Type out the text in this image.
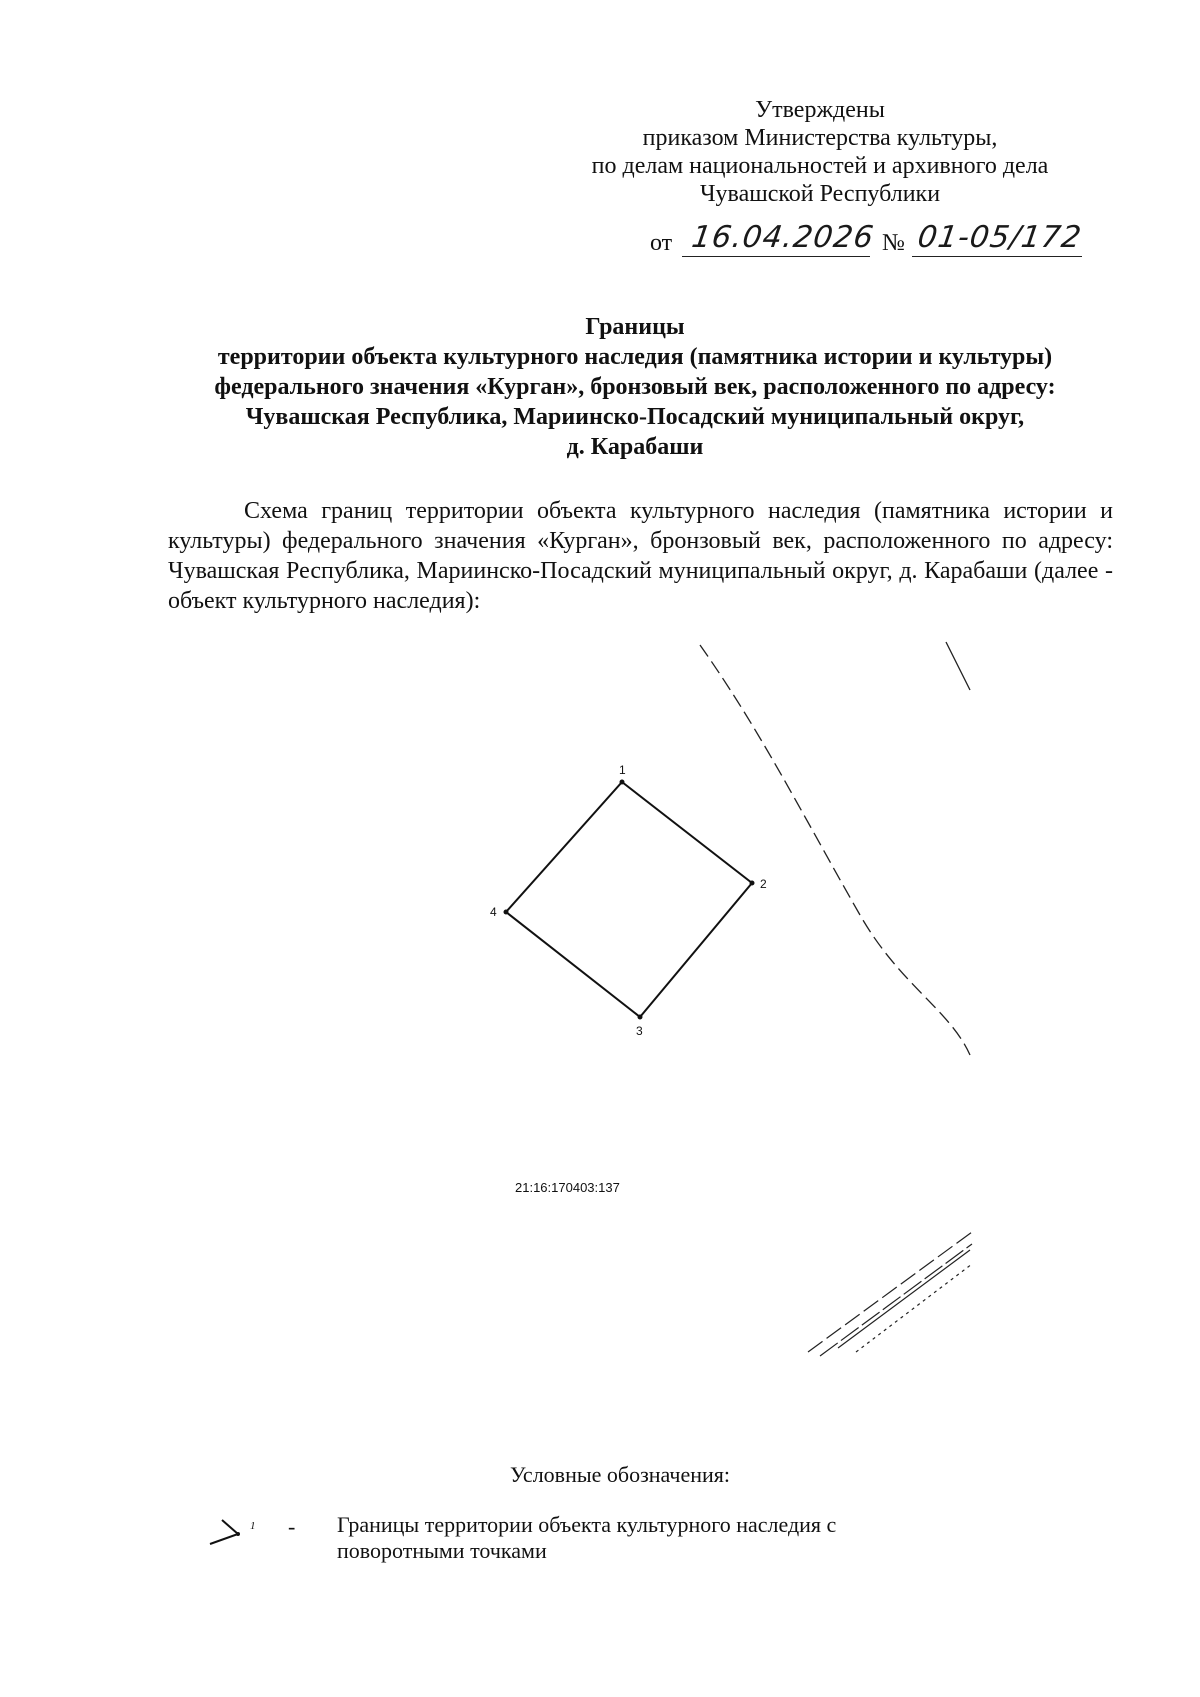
Утверждены
приказом Министерства культуры,
по делам национальностей и архивного дела
Чувашской Республики
от 16.04.2026 № 01-05/172
Границы
территории объекта культурного наследия (памятника истории и культуры)
федерального значения «Курган», бронзовый век, расположенного по адресу:
Чувашская Республика, Мариинско-Посадский муниципальный округ,
д. Карабаши
Схема границ территории объекта культурного наследия (памятника истории и культуры) федерального значения «Курган», бронзовый век, расположенного по адресу: Чувашская Республика, Мариинско-Посадский муниципальный округ, д. Карабаши (далее - объект культурного наследия):
1
2
3
4
21:16:170403:137
Условные обозначения:
1 - Границы территории объекта культурного наследия с поворотными точками
